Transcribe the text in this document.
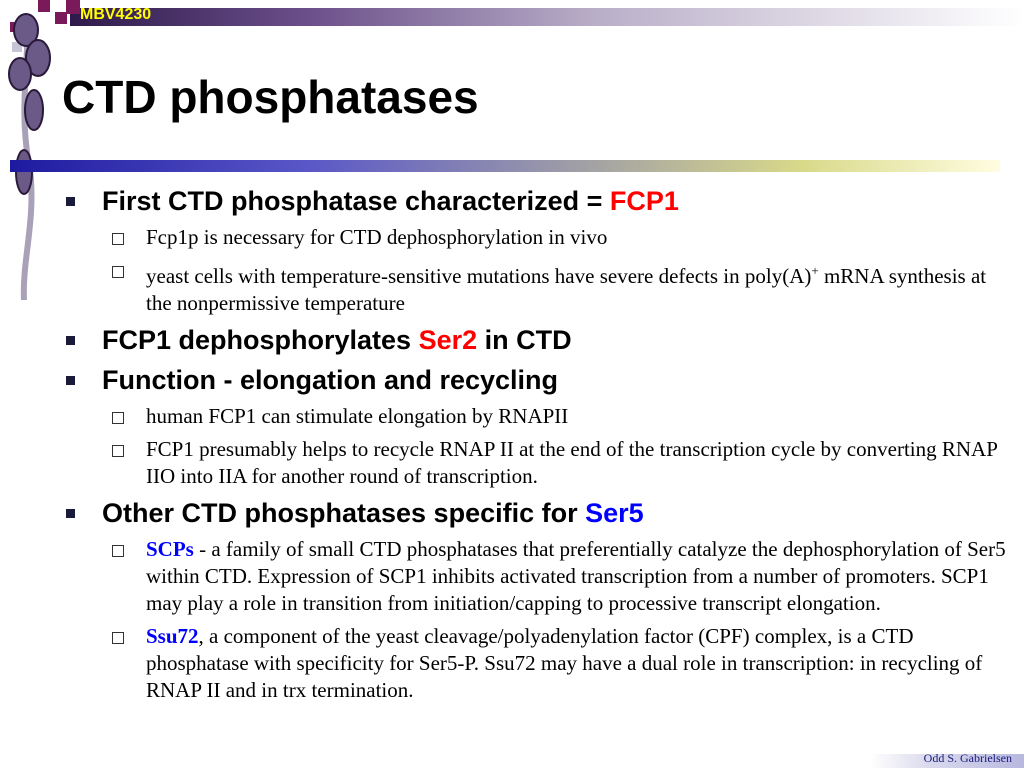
MBV4230
CTD phosphatases
First CTD phosphatase characterized = FCP1
Fcp1p is necessary for CTD dephosphorylation in vivo
yeast cells with temperature-sensitive mutations have severe defects in poly(A)+ mRNA synthesis at the nonpermissive temperature
FCP1 dephosphorylates Ser2 in CTD
Function - elongation and recycling
human FCP1 can stimulate elongation by RNAPII
FCP1 presumably helps to recycle RNAP II at the end of the transcription cycle by converting RNAP IIO into IIA for another round of transcription.
Other CTD phosphatases specific for Ser5
SCPs - a family of small CTD phosphatases that preferentially catalyze the dephosphorylation of Ser5 within CTD. Expression of SCP1 inhibits activated transcription from a number of promoters. SCP1 may play a role in transition from initiation/capping to processive transcript elongation.
Ssu72, a component of the yeast cleavage/polyadenylation factor (CPF) complex, is a CTD phosphatase with specificity for Ser5-P. Ssu72 may have a dual role in transcription: in recycling of RNAP II and in trx termination.
Odd S. Gabrielsen
